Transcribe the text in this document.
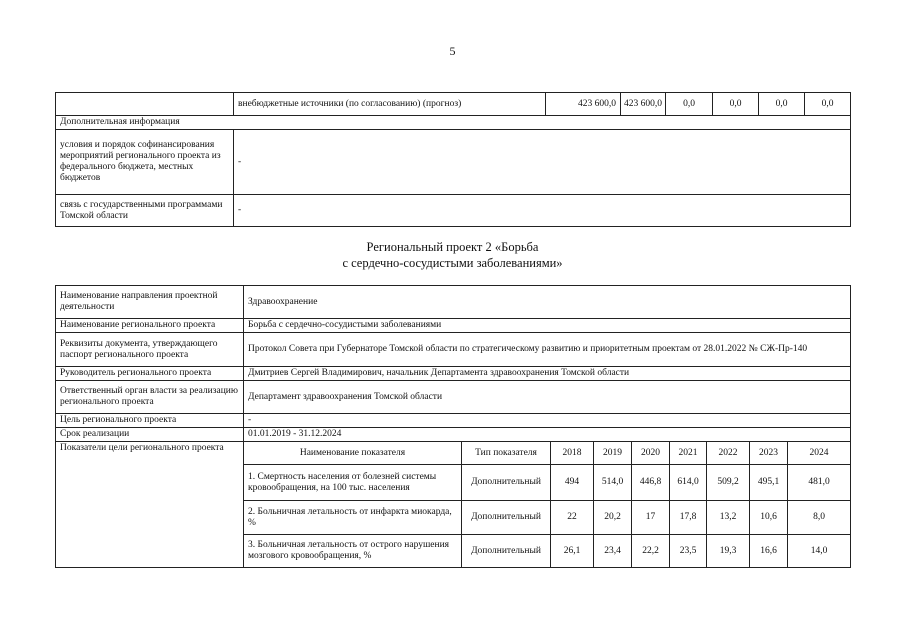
5
	внебюджетные источники (по согласованию) (прогноз)	423 600,0	423 600,0	0,0	0,0	0,0	0,0
Дополнительная информация							
условия и порядок софинансирования мероприятий регионального проекта из федерального бюджета, местных бюджетов	-						
связь с государственными программами Томской области	-						
Региональный проект 2 «Борьба
с сердечно-сосудистыми заболеваниями»
Наименование направления проектной деятельности	Здравоохранение								
Наименование регионального проекта	Борьба с сердечно-сосудистыми заболеваниями								
Реквизиты документа, утверждающего паспорт регионального проекта	Протокол Совета при Губернаторе Томской области по стратегическому развитию и приоритетным проектам от 28.01.2022 № СЖ-Пр-140								
Руководитель регионального проекта	Дмитриев Сергей Владимирович, начальник Департамента здравоохранения Томской области								
Ответственный орган власти за реализацию регионального проекта	Департамент здравоохранения Томской области								
Цель регионального проекта	-								
Срок реализации	01.01.2019 - 31.12.2024								
Показатели цели регионального проекта	Наименование показателя	Тип показателя	2018	2019	2020	2021	2022	2023	2024
	1. Смертность населения от болезней системы кровообращения, на 100 тыс. населения	Дополнительный	494	514,0	446,8	614,0	509,2	495,1	481,0
	2. Больничная летальность от инфаркта миокарда, %	Дополнительный	22	20,2	17	17,8	13,2	10,6	8,0
	3. Больничная летальность от острого нарушения мозгового кровообращения, %	Дополнительный	26,1	23,4	22,2	23,5	19,3	16,6	14,0
